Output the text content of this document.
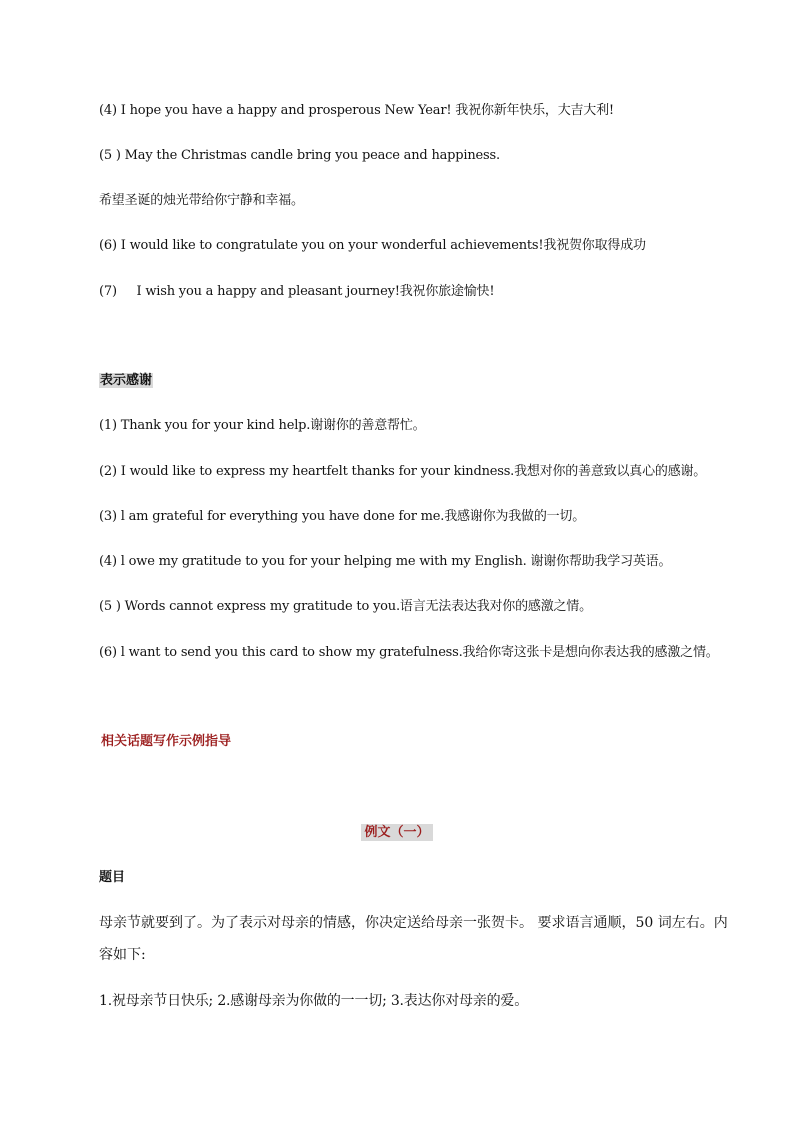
(4) I hope you have a happy and prosperous New Year! 我祝你新年快乐，大吉大利!
(5 ) May the Christmas candle bring you peace and happiness.
希望圣诞的烛光带给你宁静和幸福。
(6) I would like to congratulate you on your wonderful achievements!我祝贺你取得成功
(7)     I wish you a happy and pleasant journey!我祝你旅途愉快!
表示感谢
(1) Thank you for your kind help.谢谢你的善意帮忙。
(2) I would like to express my heartfelt thanks for your kindness.我想对你的善意致以真心的感谢。
(3) l am grateful for everything you have done for me.我感谢你为我做的一切。
(4) l owe my gratitude to you for your helping me with my English. 谢谢你帮助我学习英语。
(5 ) Words cannot express my gratitude to you.语言无法表达我对你的感激之情。
(6) l want to send you this card to show my gratefulness.我给你寄这张卡是想向你表达我的感激之情。
相关话题写作示例指导
例文（一）
题目
母亲节就要到了。为了表示对母亲的情感，你决定送给母亲一张贺卡。 要求语言通顺，50 词左右。内容如下:
1.祝母亲节日快乐; 2.感谢母亲为你做的一一切; 3.表达你对母亲的爱。
